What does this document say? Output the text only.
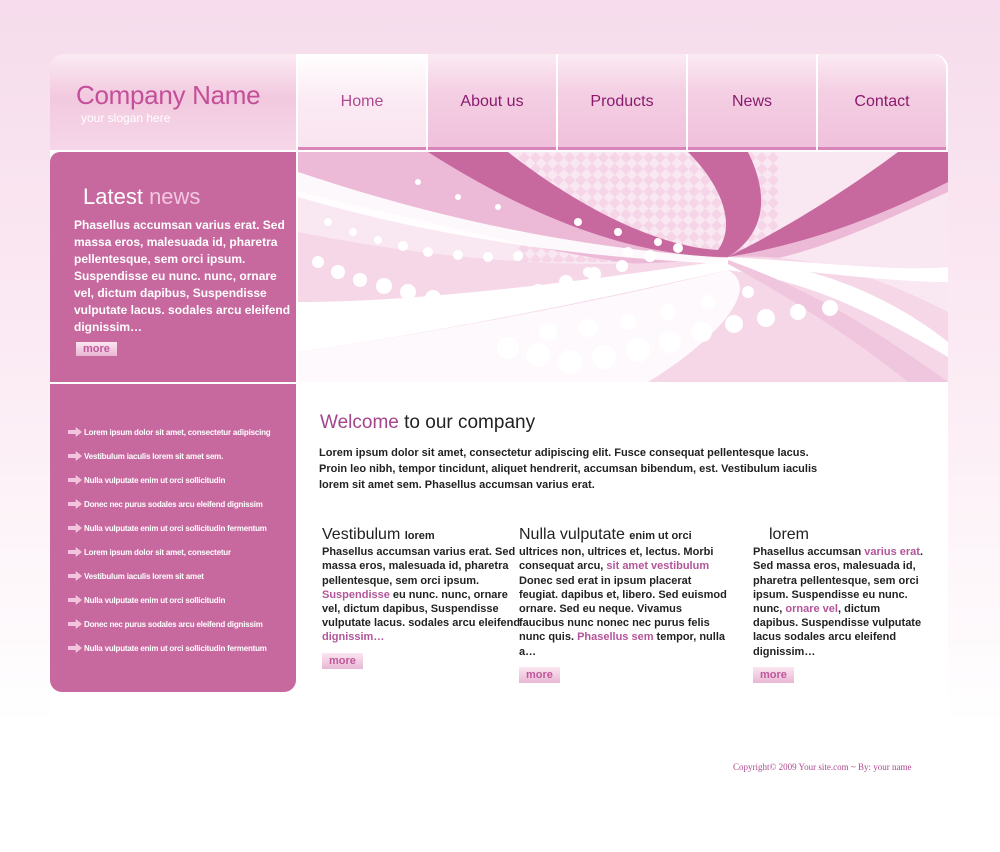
Company Name
your slogan here
Home	About us	Products	News	Contact
Latest news
Phasellus accumsan varius erat. Sed massa eros, malesuada id, pharetra pellentesque, sem orci ipsum. Suspendisse eu nunc. nunc, ornare vel, dictum dapibus, Suspendisse vulputate lacus. sodales arcu eleifend dignissim…
more
Lorem ipsum dolor sit amet, consectetur adipiscing
Vestibulum iaculis lorem sit amet sem.
Nulla vulputate enim ut orci sollicitudin
Donec nec purus sodales arcu eleifend dignissim
Nulla vulputate enim ut orci sollicitudin fermentum
Lorem ipsum dolor sit amet, consectetur
Vestibulum iaculis lorem sit amet
Nulla vulputate enim ut orci sollicitudin
Donec nec purus sodales arcu eleifend dignissim
Nulla vulputate enim ut orci sollicitudin fermentum
Welcome to our company
Lorem ipsum dolor sit amet, consectetur adipiscing elit. Fusce consequat pellentesque lacus. Proin leo nibh, tempor tincidunt, aliquet hendrerit, accumsan bibendum, est. Vestibulum iaculis lorem sit amet sem. Phasellus accumsan varius erat.
Vestibulum lorem
Phasellus accumsan varius erat. Sed massa eros, malesuada id, pharetra pellentesque, sem orci ipsum. Suspendisse eu nunc. nunc, ornare vel, dictum dapibus, Suspendisse vulputate lacus. sodales arcu eleifend dignissim…
more
Nulla vulputate enim ut orci
ultrices non, ultrices et, lectus. Morbi consequat arcu, sit amet vestibulum Donec sed erat in ipsum placerat feugiat. dapibus et, libero. Sed euismod ornare. Sed eu neque. Vivamus faucibus nunc nonec nec purus felis nunc quis. Phasellus sem tempor, nulla a…
more
lorem
Phasellus accumsan varius erat. Sed massa eros, malesuada id, pharetra pellentesque, sem orci ipsum. Suspendisse eu nunc. nunc, ornare vel, dictum dapibus. Suspendisse vulputate lacus sodales arcu eleifend dignissim…
more
Copyright© 2009 Your site.com ~ By: your name
